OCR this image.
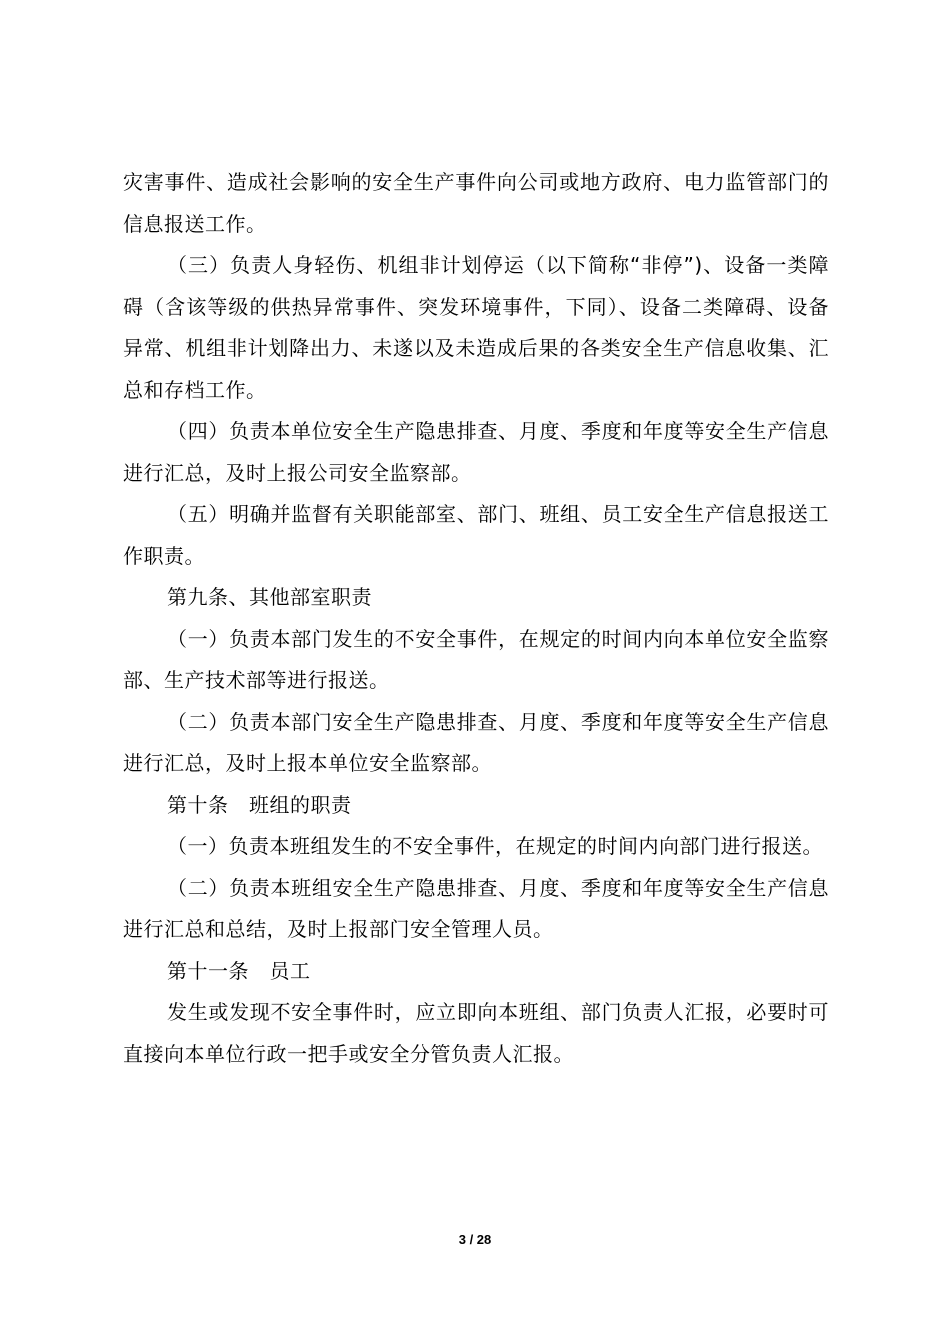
灾害事件、造成社会影响的安全生产事件向公司或地方政府、电力监管部门的信息报送工作。

（三）负责人身轻伤、机组非计划停运（以下简称“非停”)、设备一类障碍（含该等级的供热异常事件、突发环境事件，下同）、设备二类障碍、设备异常、机组非计划降出力、未遂以及未造成后果的各类安全生产信息收集、汇总和存档工作。

（四）负责本单位安全生产隐患排查、月度、季度和年度等安全生产信息进行汇总，及时上报公司安全监察部。

（五）明确并监督有关职能部室、部门、班组、员工安全生产信息报送工作职责。

第九条、其他部室职责

（一）负责本部门发生的不安全事件，在规定的时间内向本单位安全监察部、生产技术部等进行报送。

（二）负责本部门安全生产隐患排查、月度、季度和年度等安全生产信息进行汇总，及时上报本单位安全监察部。

第十条　班组的职责

（一）负责本班组发生的不安全事件，在规定的时间内向部门进行报送。

（二）负责本班组安全生产隐患排查、月度、季度和年度等安全生产信息进行汇总和总结，及时上报部门安全管理人员。

第十一条　员工

发生或发现不安全事件时，应立即向本班组、部门负责人汇报，必要时可直接向本单位行政一把手或安全分管负责人汇报。

3 / 28
